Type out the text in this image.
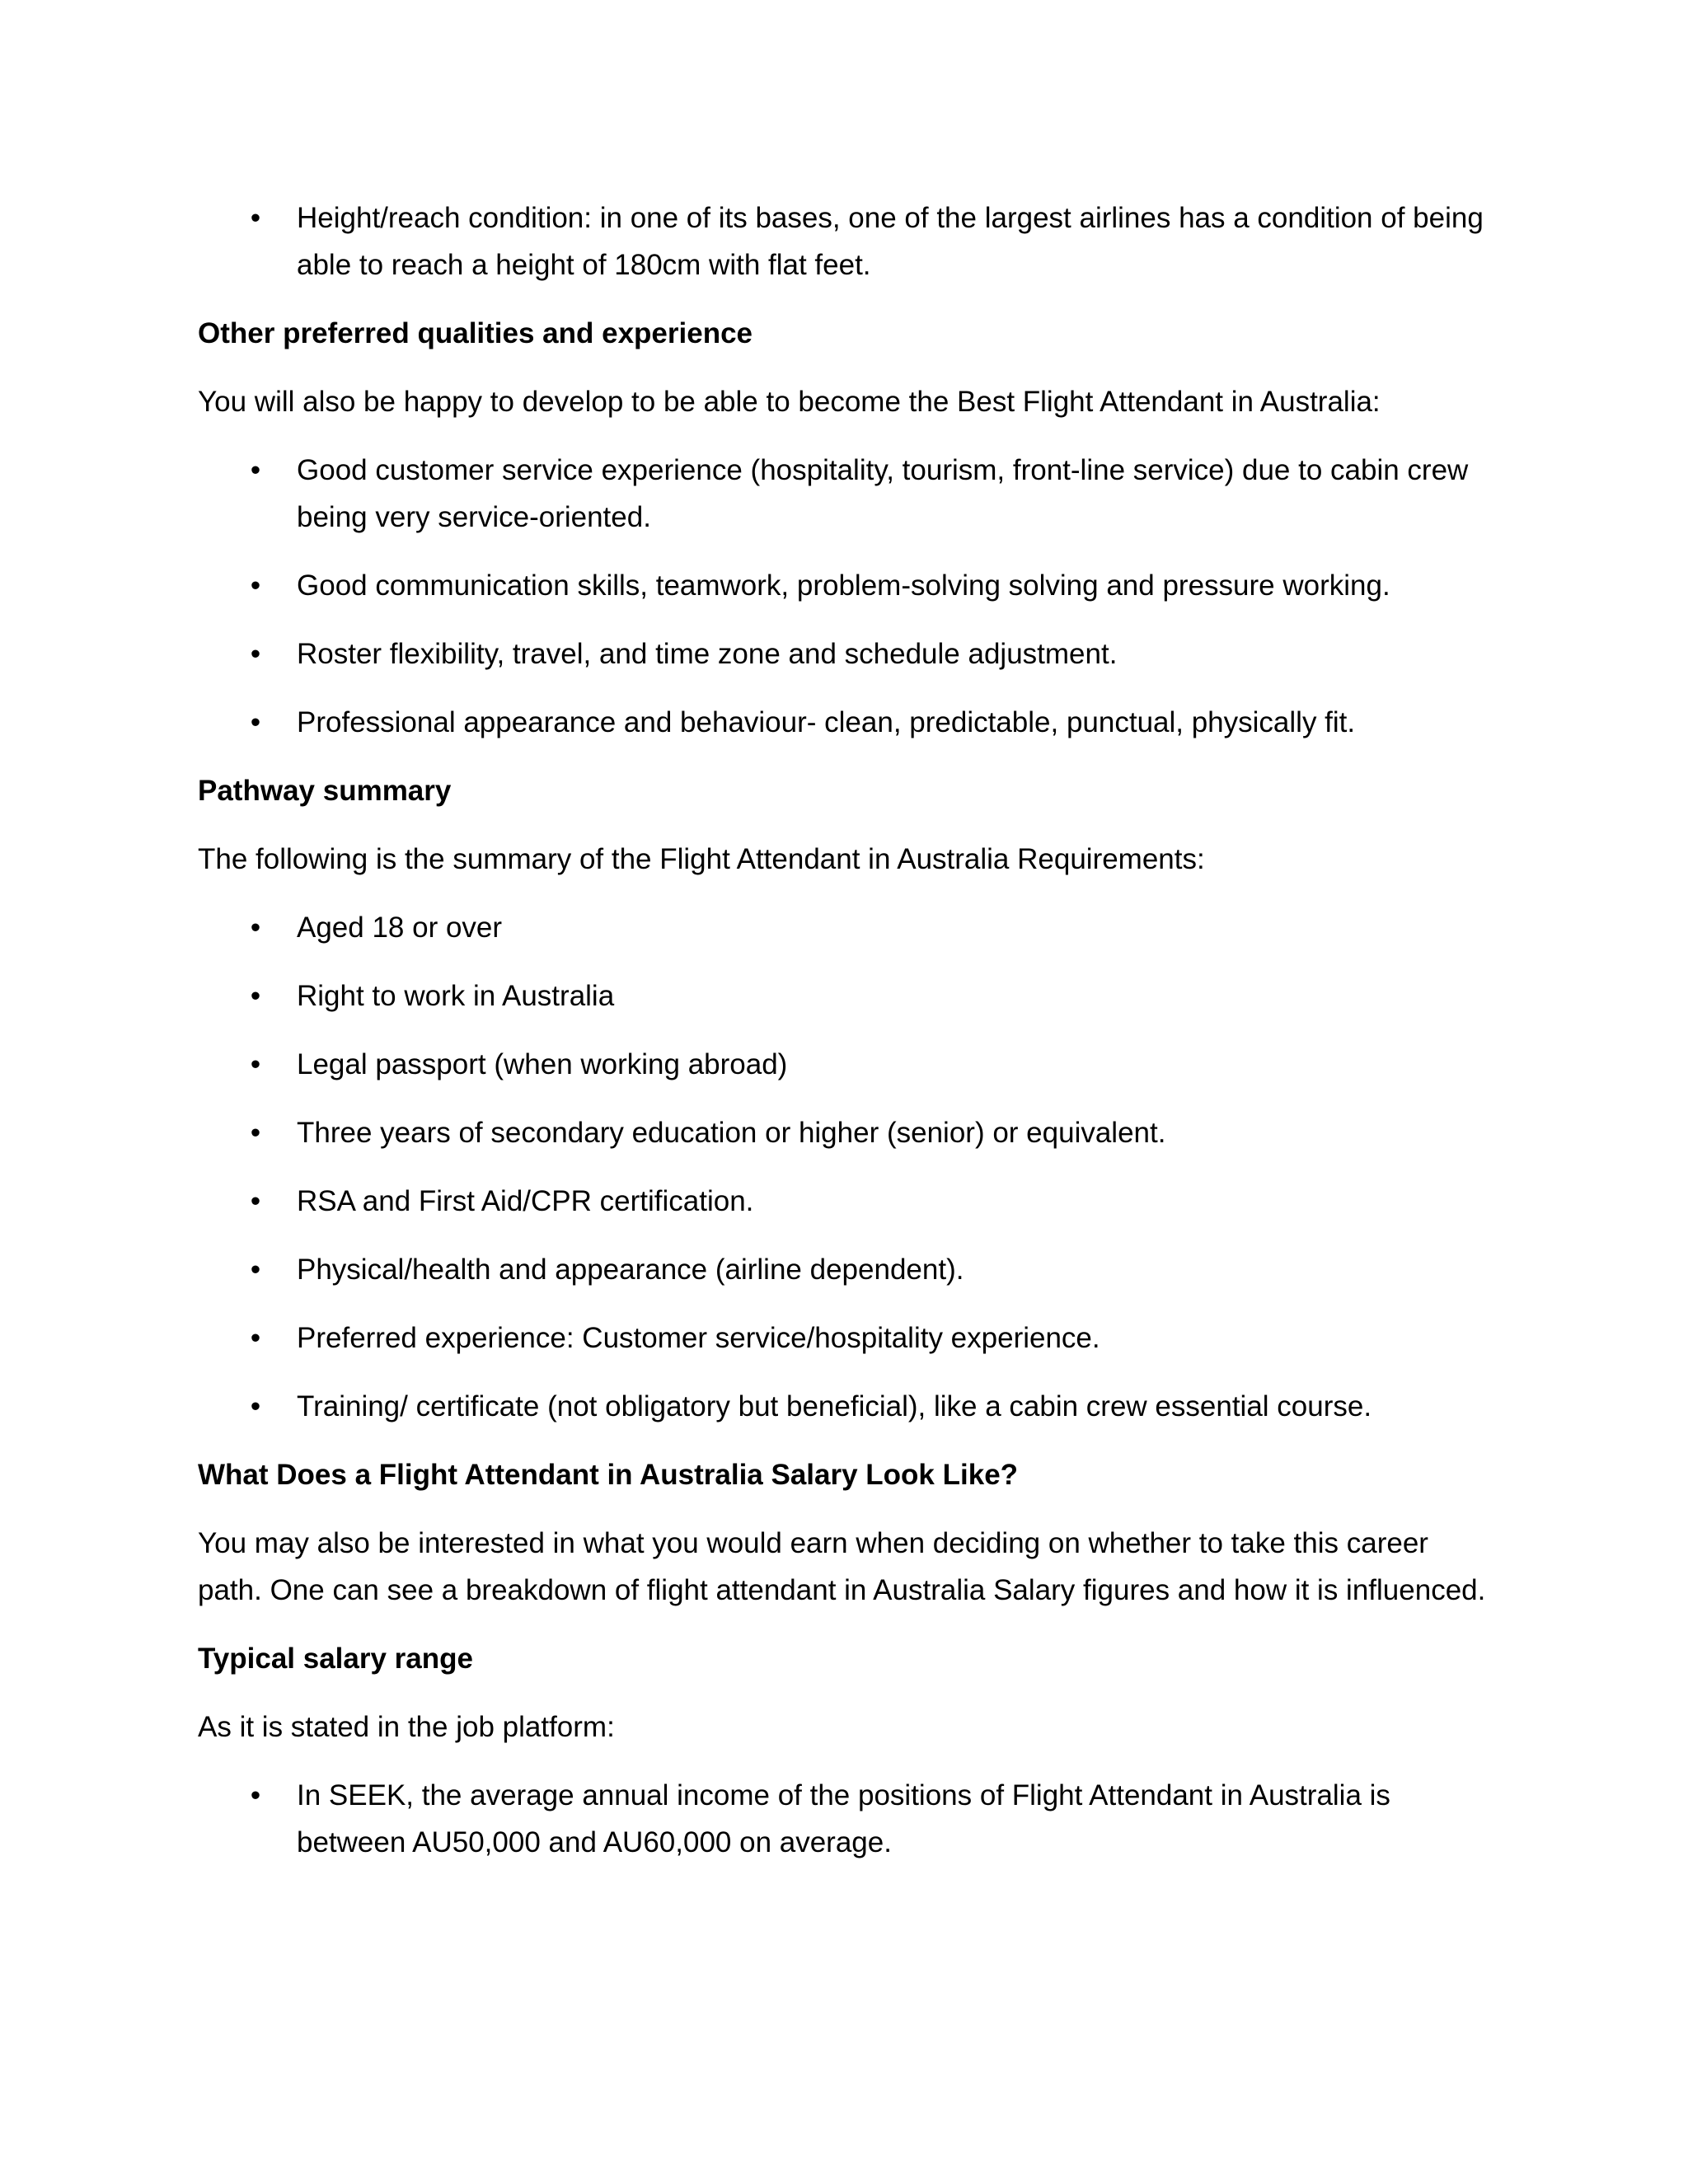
• Height/reach condition: in one of its bases, one of the largest airlines has a condition of being able to reach a height of 180cm with flat feet.

Other preferred qualities and experience

You will also be happy to develop to be able to become the Best Flight Attendant in Australia:

• Good customer service experience (hospitality, tourism, front-line service) due to cabin crew being very service-oriented.
• Good communication skills, teamwork, problem-solving solving and pressure working.
• Roster flexibility, travel, and time zone and schedule adjustment.
• Professional appearance and behaviour- clean, predictable, punctual, physically fit.

Pathway summary

The following is the summary of the Flight Attendant in Australia Requirements:

• Aged 18 or over
• Right to work in Australia
• Legal passport (when working abroad)
• Three years of secondary education or higher (senior) or equivalent.
• RSA and First Aid/CPR certification.
• Physical/health and appearance (airline dependent).
• Preferred experience: Customer service/hospitality experience.
• Training/ certificate (not obligatory but beneficial), like a cabin crew essential course.

What Does a Flight Attendant in Australia Salary Look Like?

You may also be interested in what you would earn when deciding on whether to take this career path. One can see a breakdown of flight attendant in Australia Salary figures and how it is influenced.

Typical salary range

As it is stated in the job platform:

• In SEEK, the average annual income of the positions of Flight Attendant in Australia is between AU50,000 and AU60,000 on average.
